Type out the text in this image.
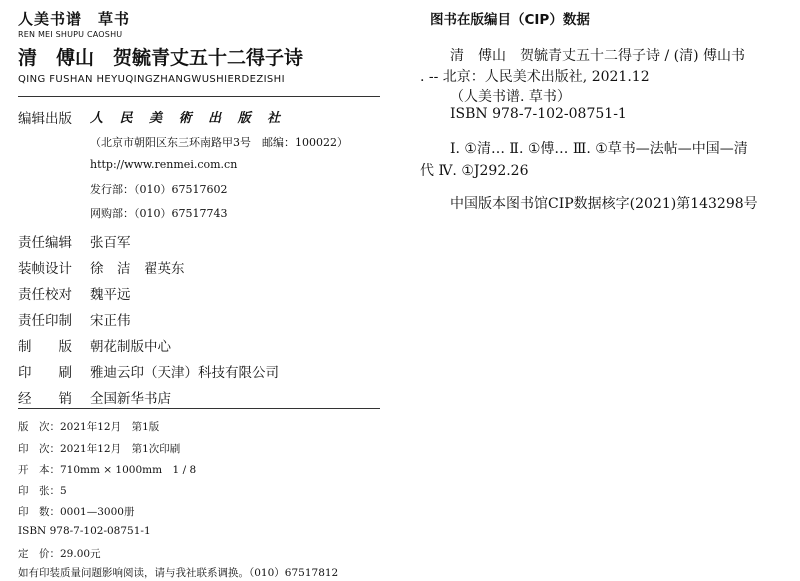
人美书谱　草书
REN MEI SHUPU CAOSHU
清　傅山　贺毓青丈五十二得子诗
QING FUSHAN HEYUQINGZHANGWUSHIERDEZISHI
编辑出版 人 民 美 術 出 版 社
（北京市朝阳区东三环南路甲3号　邮编：100022）
http://www.renmei.com.cn
发行部：（010）67517602
网购部：（010）67517743
责任编辑 张百军
装帧设计 徐　洁　翟英东
责任校对 魏平远
责任印制 宋正伟
制　　版 朝花制版中心
印　　刷 雅迪云印（天津）科技有限公司
经　　销 全国新华书店
版　次：2021年12月　第1版
印　次：2021年12月　第1次印刷
开　本：710mm × 1000mm　1 / 8
印　张：5
印　数：0001—3000册
ISBN 978-7-102-08751-1
定　价：29.00元
如有印装质量问题影响阅读，请与我社联系调换。（010）67517812
图书在版编目（CIP）数据
清　傅山　贺毓青丈五十二得子诗 / (清) 傅山书
. -- 北京：人民美术出版社, 2021.12
（人美书谱. 草书）
ISBN 978-7-102-08751-1
Ⅰ. ①清… Ⅱ. ①傅… Ⅲ. ①草书—法帖—中国—清
代 Ⅳ. ①J292.26
中国版本图书馆CIP数据核字(2021)第143298号
